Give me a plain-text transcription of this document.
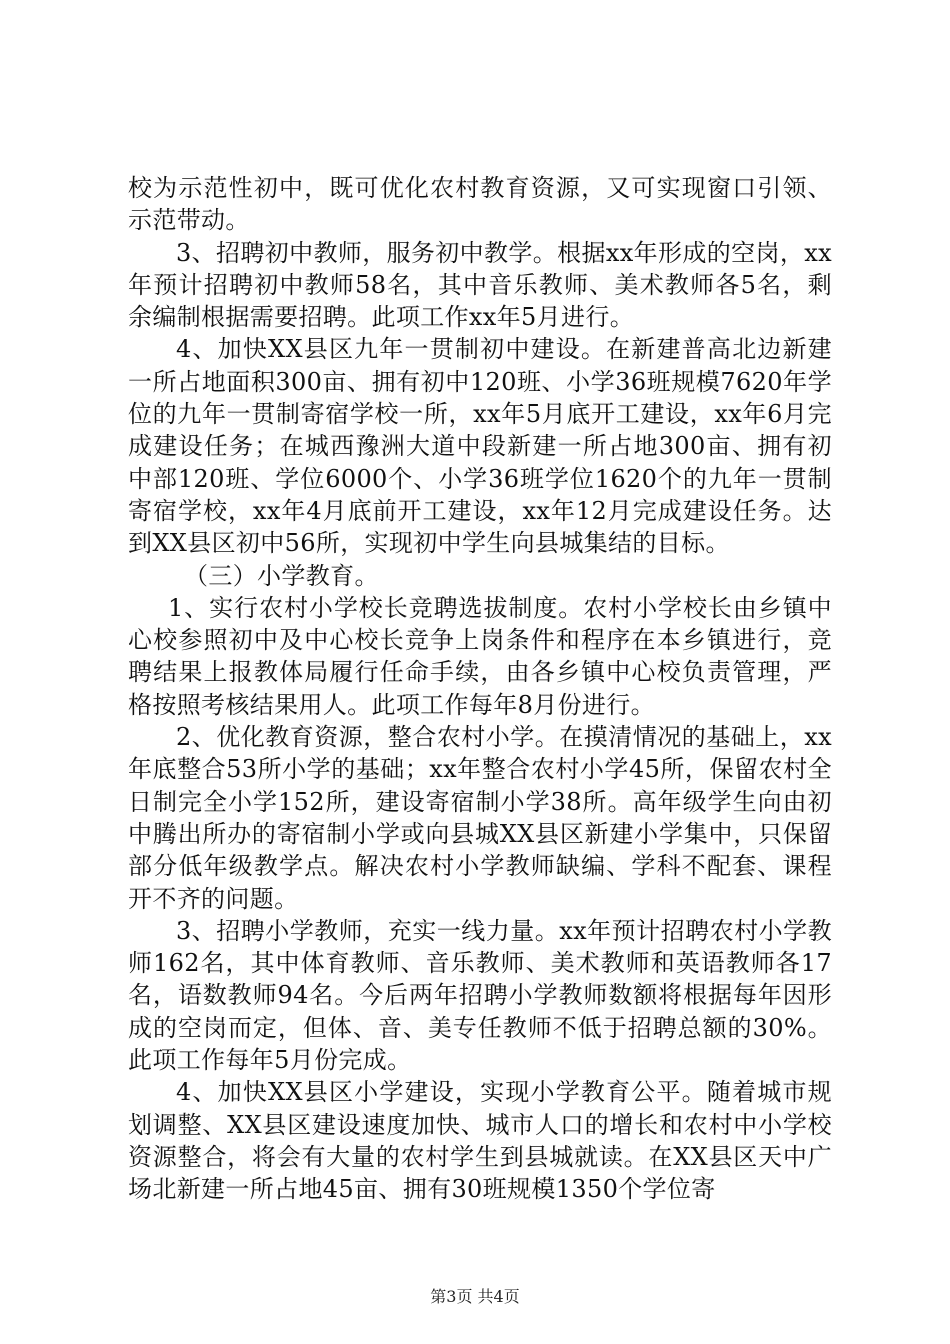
校为示范性初中，既可优化农村教育资源，又可实现窗口引领、示范带动。

3、招聘初中教师，服务初中教学。根据xx年形成的空岗，xx年预计招聘初中教师58名，其中音乐教师、美术教师各5名，剩余编制根据需要招聘。此项工作xx年5月进行。

4、加快XX县区九年一贯制初中建设。在新建普高北边新建一所占地面积300亩、拥有初中120班、小学36班规模7620年学位的九年一贯制寄宿学校一所，xx年5月底开工建设，xx年6月完成建设任务；在城西豫洲大道中段新建一所占地300亩、拥有初中部120班、学位6000个、小学36班学位1620个的九年一贯制寄宿学校，xx年4月底前开工建设，xx年12月完成建设任务。达到XX县区初中56所，实现初中学生向县城集结的目标。

（三）小学教育。

1、实行农村小学校长竞聘选拔制度。农村小学校长由乡镇中心校参照初中及中心校长竞争上岗条件和程序在本乡镇进行，竞聘结果上报教体局履行任命手续，由各乡镇中心校负责管理，严格按照考核结果用人。此项工作每年8月份进行。

2、优化教育资源，整合农村小学。在摸清情况的基础上，xx年底整合53所小学的基础；xx年整合农村小学45所，保留农村全日制完全小学152所，建设寄宿制小学38所。高年级学生向由初中腾出所办的寄宿制小学或向县城XX县区新建小学集中，只保留部分低年级教学点。解决农村小学教师缺编、学科不配套、课程开不齐的问题。

3、招聘小学教师，充实一线力量。xx年预计招聘农村小学教师162名，其中体育教师、音乐教师、美术教师和英语教师各17名，语数教师94名。今后两年招聘小学教师数额将根据每年因形成的空岗而定，但体、音、美专任教师不低于招聘总额的30%。此项工作每年5月份完成。

4、加快XX县区小学建设，实现小学教育公平。随着城市规划调整、XX县区建设速度加快、城市人口的增长和农村中小学校资源整合，将会有大量的农村学生到县城就读。在XX县区天中广场北新建一所占地45亩、拥有30班规模1350个学位寄

第3页 共4页
